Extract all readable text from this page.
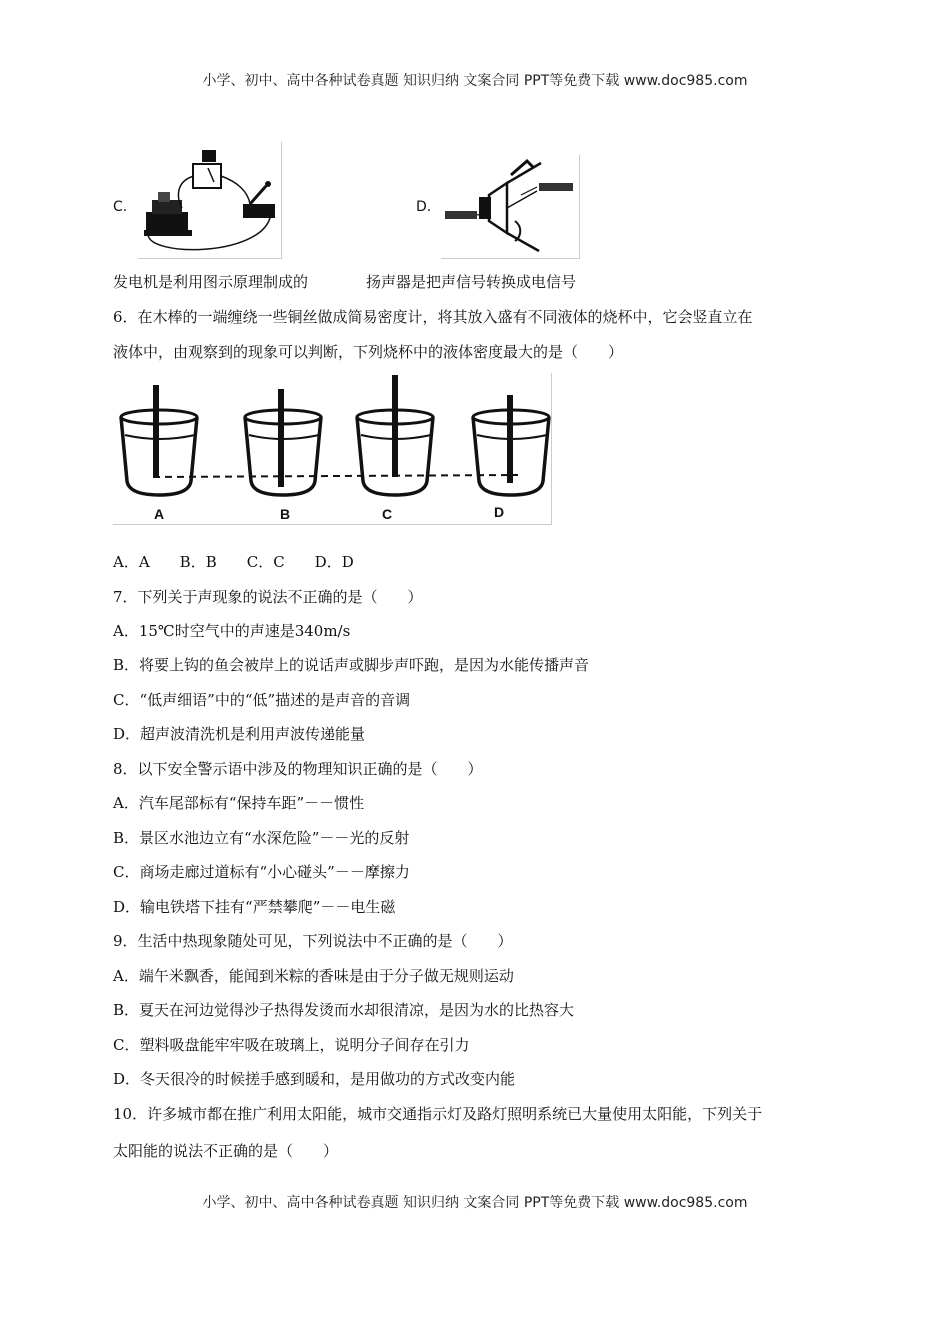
小学、初中、高中各种试卷真题 知识归纳 文案合同 PPT等免费下载 www.doc985.com
C.	D.
发电机是利用图示原理制成的	扬声器是把声信号转换成电信号
6．在木棒的一端缠绕一些铜丝做成简易密度计，将其放入盛有不同液体的烧杯中，它会竖直立在
液体中，由观察到的现象可以判断，下列烧杯中的液体密度最大的是（　　）
A	B	C	D
A．A　　B．B　　C．C　　D．D
7．下列关于声现象的说法不正确的是（　　）
A．15℃时空气中的声速是340m/s
B．将要上钩的鱼会被岸上的说话声或脚步声吓跑，是因为水能传播声音
C．“低声细语”中的“低”描述的是声音的音调
D．超声波清洗机是利用声波传递能量
8．以下安全警示语中涉及的物理知识正确的是（　　）
A．汽车尾部标有“保持车距”－－惯性
B．景区水池边立有“水深危险”－－光的反射
C．商场走廊过道标有“小心碰头”－－摩擦力
D．输电铁塔下挂有“严禁攀爬”－－电生磁
9．生活中热现象随处可见，下列说法中不正确的是（　　）
A．端午米飘香，能闻到米粽的香味是由于分子做无规则运动
B．夏天在河边觉得沙子热得发烫而水却很清凉，是因为水的比热容大
C．塑料吸盘能牢牢吸在玻璃上，说明分子间存在引力
D．冬天很冷的时候搓手感到暖和，是用做功的方式改变内能
10．许多城市都在推广利用太阳能，城市交通指示灯及路灯照明系统已大量使用太阳能，下列关于
太阳能的说法不正确的是（　　）
小学、初中、高中各种试卷真题 知识归纳 文案合同 PPT等免费下载 www.doc985.com
